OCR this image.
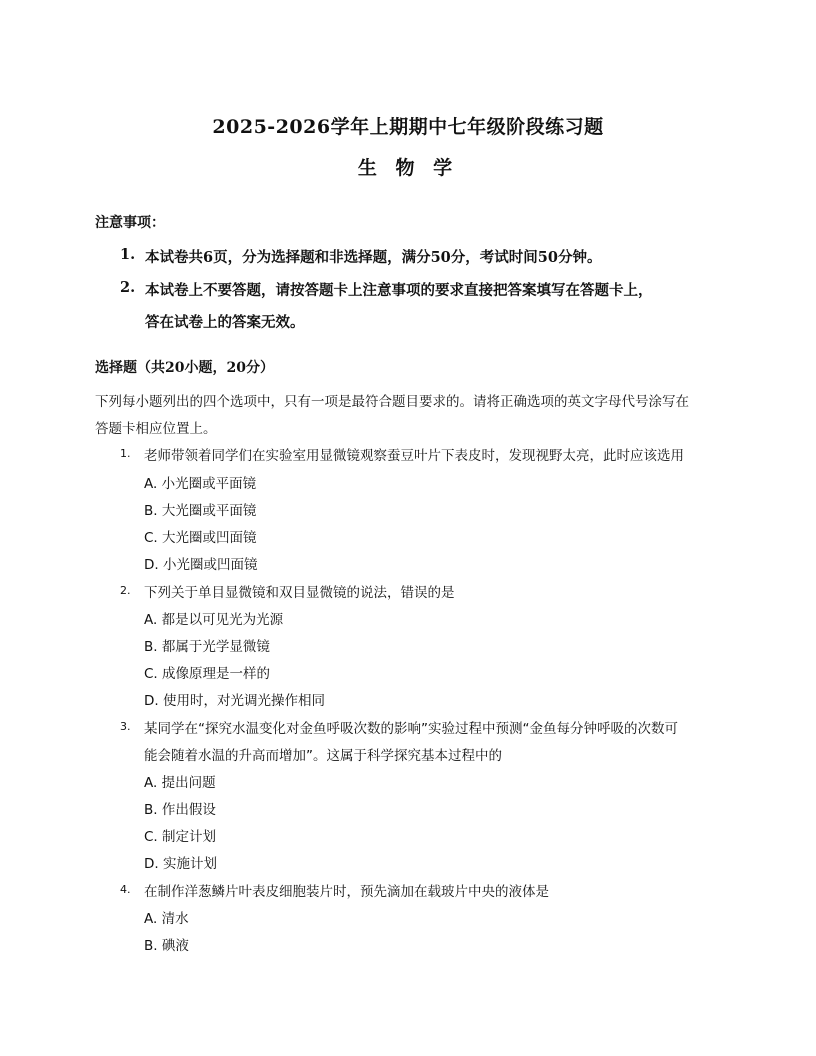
2025-2026学年上期期中七年级阶段练习题
生 物 学
注意事项：
1. 本试卷共6页，分为选择题和非选择题，满分50分，考试时间50分钟。
2. 本试卷上不要答题，请按答题卡上注意事项的要求直接把答案填写在答题卡上，
答在试卷上的答案无效。
选择题（共20小题，20分）
下列每小题列出的四个选项中，只有一项是最符合题目要求的。请将正确选项的英文字母代号涂写在
答题卡相应位置上。
1. 老师带领着同学们在实验室用显微镜观察蚕豆叶片下表皮时，发现视野太亮，此时应该选用
A. 小光圈或平面镜
B. 大光圈或平面镜
C. 大光圈或凹面镜
D. 小光圈或凹面镜
2. 下列关于单目显微镜和双目显微镜的说法，错误的是
A. 都是以可见光为光源
B. 都属于光学显微镜
C. 成像原理是一样的
D. 使用时，对光调光操作相同
3. 某同学在“探究水温变化对金鱼呼吸次数的影响”实验过程中预测“金鱼每分钟呼吸的次数可
能会随着水温的升高而增加”。这属于科学探究基本过程中的
A. 提出问题
B. 作出假设
C. 制定计划
D. 实施计划
4. 在制作洋葱鳞片叶表皮细胞装片时，预先滴加在载玻片中央的液体是
A. 清水
B. 碘液
